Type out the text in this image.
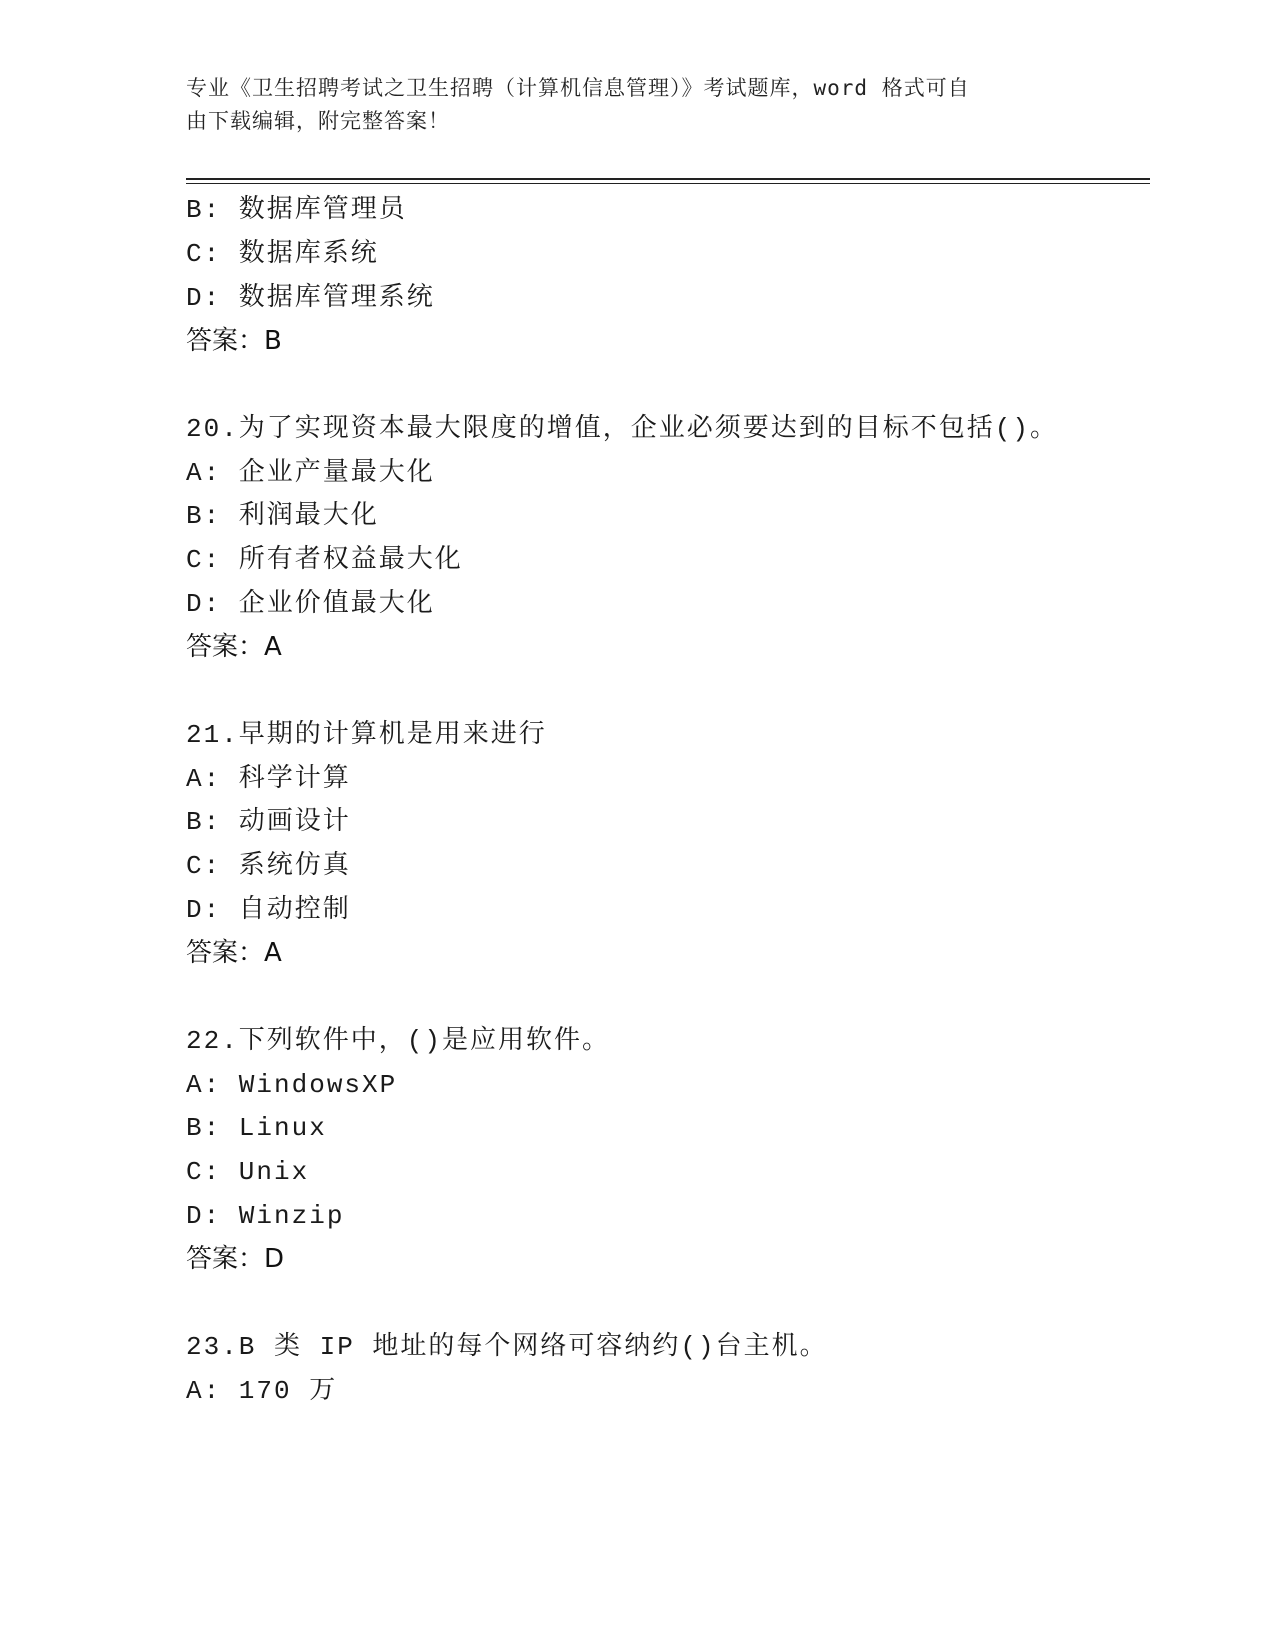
专业《卫生招聘考试之卫生招聘（计算机信息管理）》考试题库，word 格式可自
由下载编辑，附完整答案！
B: 数据库管理员
C: 数据库系统
D: 数据库管理系统
答案：B
20.为了实现资本最大限度的增值，企业必须要达到的目标不包括()。
A: 企业产量最大化
B: 利润最大化
C: 所有者权益最大化
D: 企业价值最大化
答案：A
21.早期的计算机是用来进行
A: 科学计算
B: 动画设计
C: 系统仿真
D: 自动控制
答案：A
22.下列软件中，()是应用软件。
A: WindowsXP
B: Linux
C: Unix
D: Winzip
答案：D
23.B 类 IP 地址的每个网络可容纳约()台主机。
A: 170 万
